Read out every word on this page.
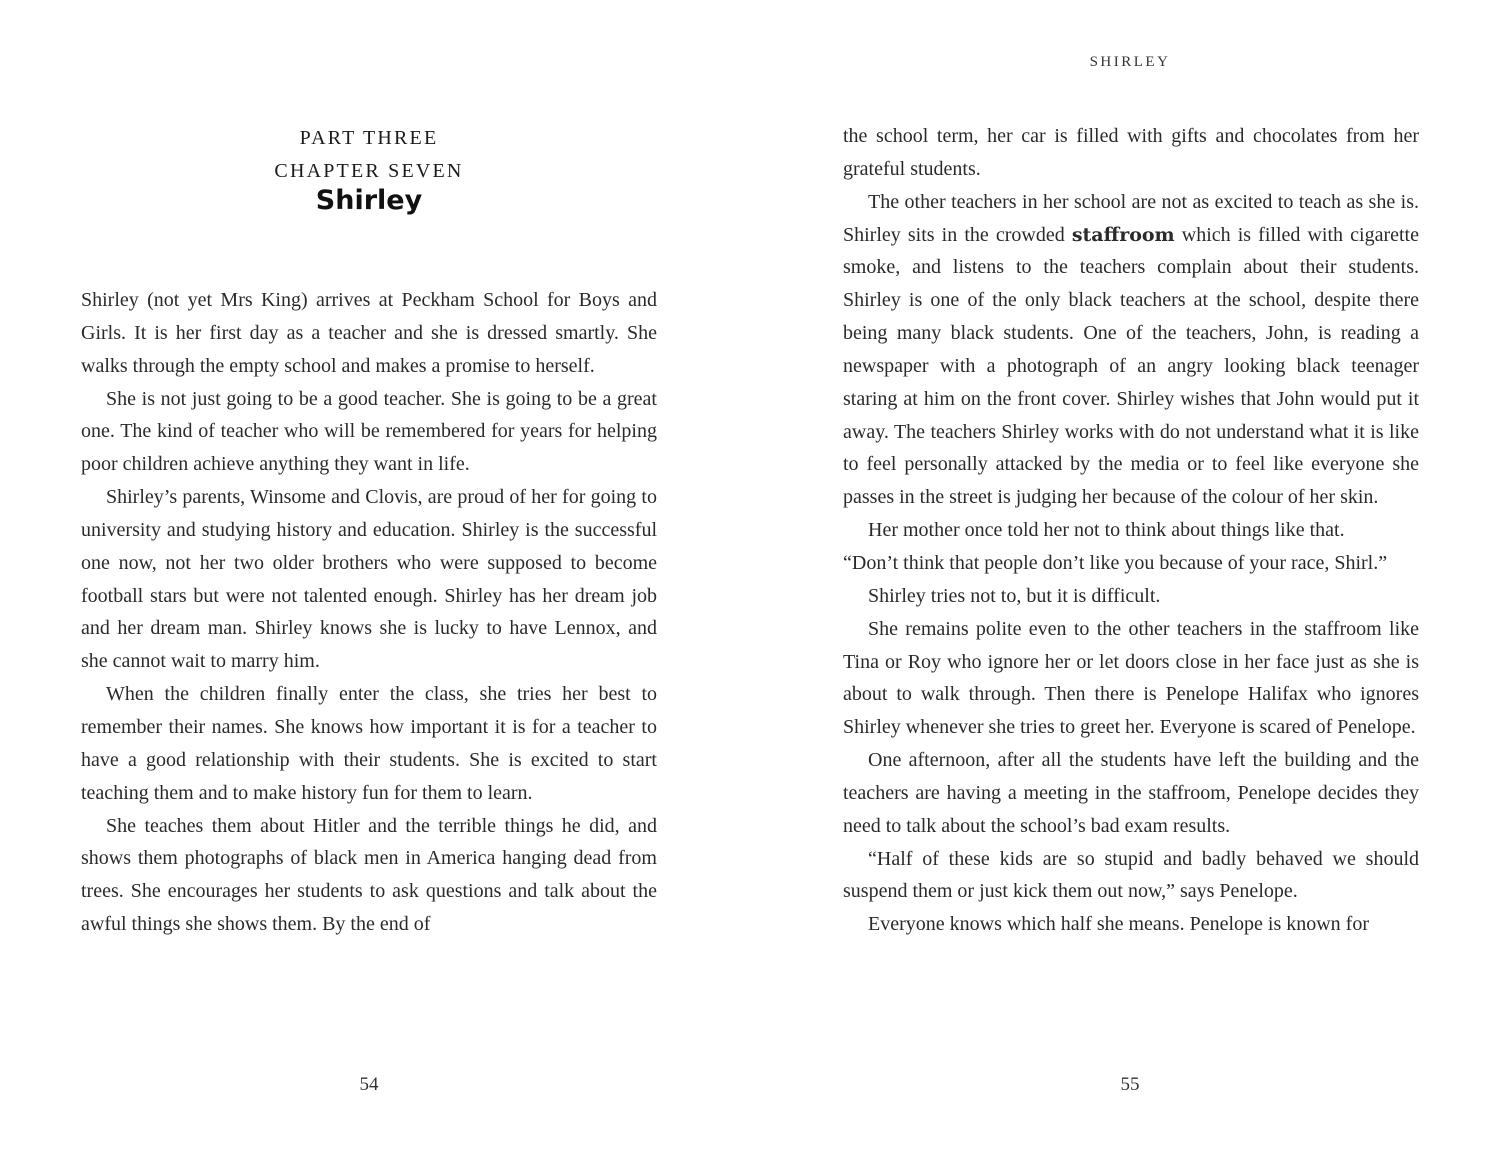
PART THREE
CHAPTER SEVEN
Shirley

Shirley (not yet Mrs King) arrives at Peckham School for Boys and Girls. It is her first day as a teacher and she is dressed smartly. She walks through the empty school and makes a promise to herself.

She is not just going to be a good teacher. She is going to be a great one. The kind of teacher who will be remembered for years for helping poor children achieve anything they want in life.

Shirley’s parents, Winsome and Clovis, are proud of her for going to university and studying history and education. Shirley is the successful one now, not her two older brothers who were supposed to become football stars but were not talented enough. Shirley has her dream job and her dream man. Shirley knows she is lucky to have Lennox, and she cannot wait to marry him.

When the children finally enter the class, she tries her best to remember their names. She knows how important it is for a teacher to have a good relationship with their students. She is excited to start teaching them and to make history fun for them to learn.

She teaches them about Hitler and the terrible things he did, and shows them photographs of black men in America hanging dead from trees. She encourages her students to ask questions and talk about the awful things she shows them. By the end of

54
SHIRLEY

the school term, her car is filled with gifts and chocolates from her grateful students.

The other teachers in her school are not as excited to teach as she is. Shirley sits in the crowded staffroom which is filled with cigarette smoke, and listens to the teachers complain about their students. Shirley is one of the only black teachers at the school, despite there being many black students. One of the teachers, John, is reading a newspaper with a photograph of an angry looking black teenager staring at him on the front cover. Shirley wishes that John would put it away. The teachers Shirley works with do not understand what it is like to feel personally attacked by the media or to feel like everyone she passes in the street is judging her because of the colour of her skin.

Her mother once told her not to think about things like that.

“Don’t think that people don’t like you because of your race, Shirl.”

Shirley tries not to, but it is difficult.

She remains polite even to the other teachers in the staffroom like Tina or Roy who ignore her or let doors close in her face just as she is about to walk through. Then there is Penelope Halifax who ignores Shirley whenever she tries to greet her. Everyone is scared of Penelope.

One afternoon, after all the students have left the building and the teachers are having a meeting in the staffroom, Penelope decides they need to talk about the school’s bad exam results.

“Half of these kids are so stupid and badly behaved we should suspend them or just kick them out now,” says Penelope.

Everyone knows which half she means. Penelope is known for

55
